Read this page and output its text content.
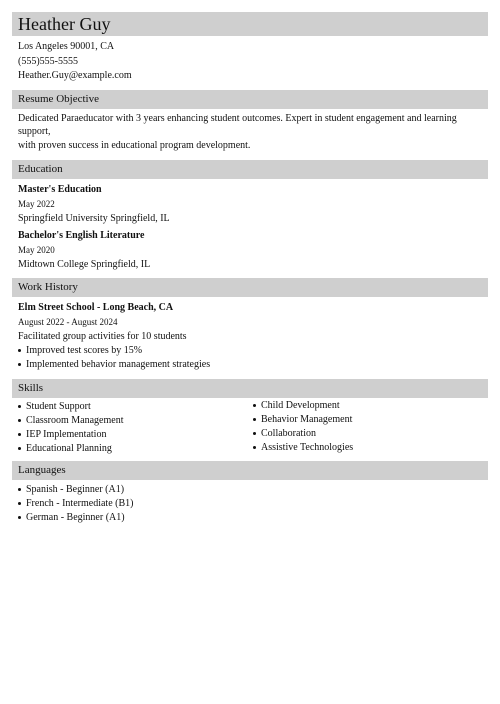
Heather Guy
Los Angeles 90001, CA
(555)555-5555
Heather.Guy@example.com
Resume Objective
Dedicated Paraeducator with 3 years enhancing student outcomes. Expert in student engagement and learning support,
with proven success in educational program development.
Education
Master's Education
May 2022
Springfield University Springfield, IL
Bachelor's English Literature
May 2020
Midtown College Springfield, IL
Work History
Elm Street School - Long Beach, CA
August 2022 - August 2024
Facilitated group activities for 10 students
Improved test scores by 15%
Implemented behavior management strategies
Skills
Student Support
Classroom Management
IEP Implementation
Educational Planning
Child Development
Behavior Management
Collaboration
Assistive Technologies
Languages
Spanish - Beginner (A1)
French - Intermediate (B1)
German - Beginner (A1)
